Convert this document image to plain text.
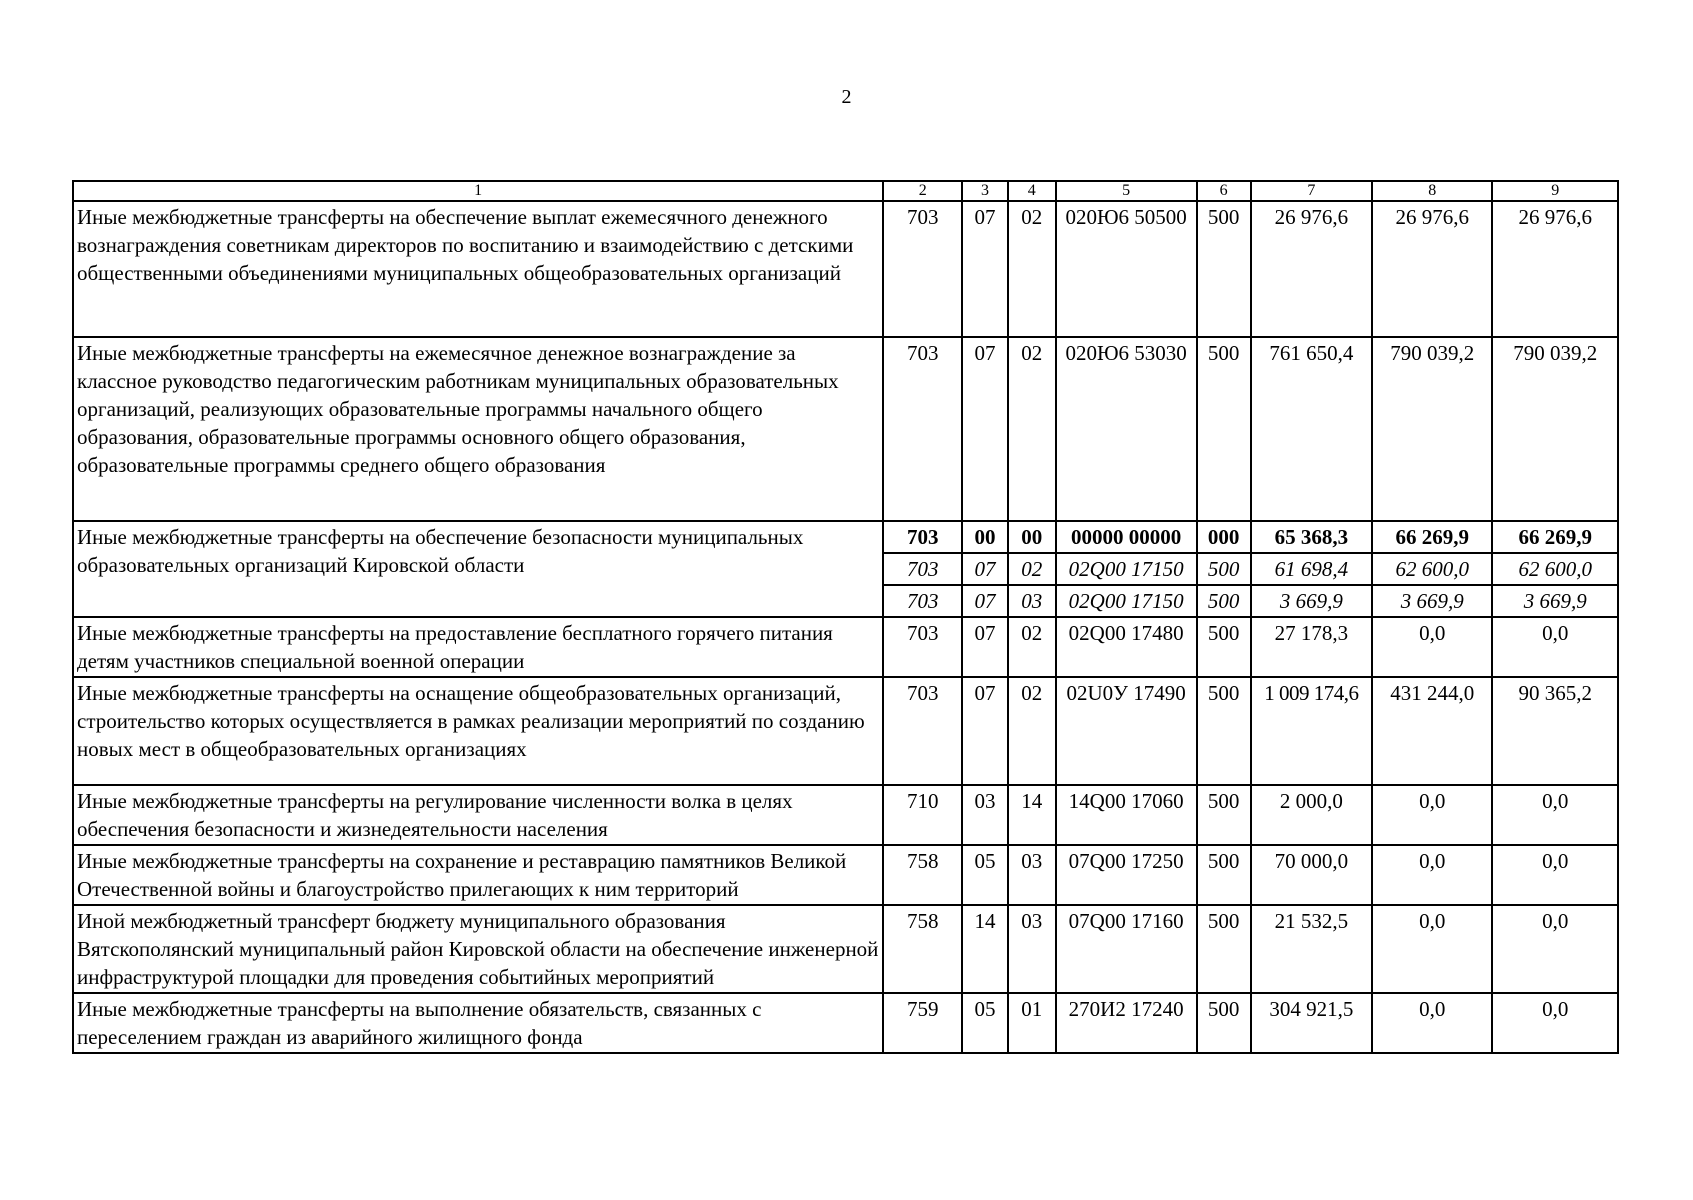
2
1	2	3	4	5	6	7	8	9
Иные межбюджетные трансферты на обеспечение выплат ежемесячного денежного вознаграждения советникам директоров по воспитанию и взаимодействию с детскими общественными объединениями муниципальных общеобразовательных организаций	703	07	02	020Ю6 50500	500	26 976,6	26 976,6	26 976,6
Иные межбюджетные трансферты на ежемесячное денежное вознаграждение за классное руководство педагогическим работникам муниципальных образовательных организаций, реализующих образовательные программы начального общего образования, образовательные программы основного общего образования, образовательные программы среднего общего образования	703	07	02	020Ю6 53030	500	761 650,4	790 039,2	790 039,2
Иные межбюджетные трансферты на обеспечение безопасности муниципальных образовательных организаций Кировской области	703	00	00	00000 00000	000	65 368,3	66 269,9	66 269,9
	703	07	02	02Q00 17150	500	61 698,4	62 600,0	62 600,0
	703	07	03	02Q00 17150	500	3 669,9	3 669,9	3 669,9
Иные межбюджетные трансферты на предоставление бесплатного горячего питания детям участников специальной военной операции	703	07	02	02Q00 17480	500	27 178,3	0,0	0,0
Иные межбюджетные трансферты на оснащение общеобразовательных организаций, строительство которых осуществляется в рамках реализации мероприятий по созданию новых мест в общеобразовательных организациях	703	07	02	02U0У 17490	500	1 009 174,6	431 244,0	90 365,2
Иные межбюджетные трансферты на регулирование численности волка в целях обеспечения безопасности и жизнедеятельности населения	710	03	14	14Q00 17060	500	2 000,0	0,0	0,0
Иные межбюджетные трансферты на сохранение и реставрацию памятников Великой Отечественной войны и благоустройство прилегающих к ним территорий	758	05	03	07Q00 17250	500	70 000,0	0,0	0,0
Иной межбюджетный трансферт бюджету муниципального образования Вятскополянский муниципальный район Кировской области на обеспечение инженерной инфраструктурой площадки для проведения событийных мероприятий	758	14	03	07Q00 17160	500	21 532,5	0,0	0,0
Иные межбюджетные трансферты на выполнение обязательств, связанных с переселением граждан из аварийного жилищного фонда	759	05	01	270И2 17240	500	304 921,5	0,0	0,0
